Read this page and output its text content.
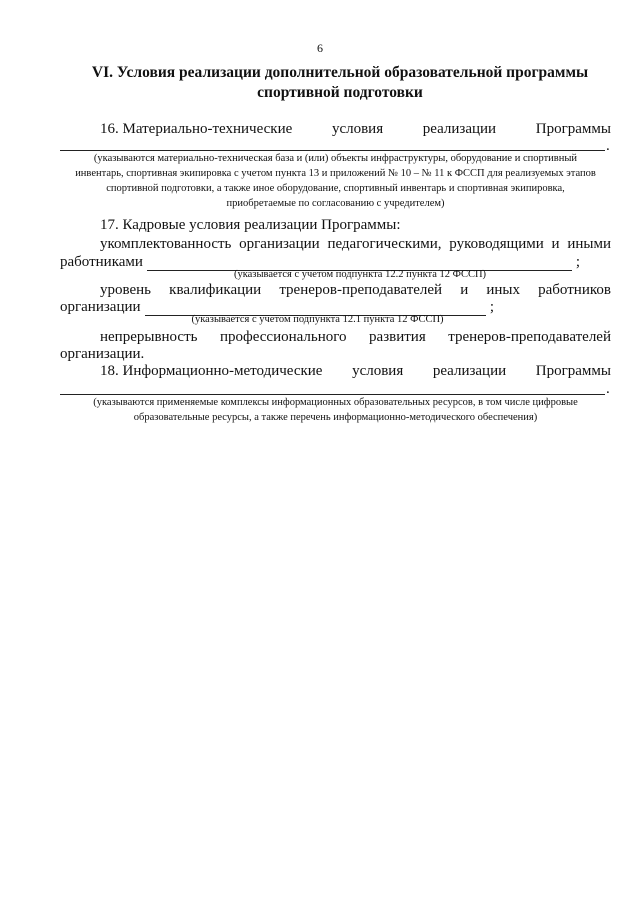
6
VI. Условия реализации дополнительной образовательной программы
спортивной подготовки
16. Материально-технические	условия	реализации	Программы
.
(указываются материально-техническая база и (или) объекты инфраструктуры, оборудование и спортивный
инвентарь, спортивная экипировка с учетом пункта 13 и приложений № 10 – № 11 к ФССП для реализуемых этапов
спортивной подготовки, а также иное оборудование, спортивный инвентарь и спортивная экипировка,
приобретаемые по согласованию с учредителем)
17. Кадровые условия реализации Программы:
укомплектованность организации педагогическими, руководящими и иными
работниками	;
(указывается с учетом подпункта 12.2 пункта 12 ФССП)
уровень квалификации тренеров-преподавателей и иных работников
организации	;
(указывается с учетом подпункта 12.1 пункта 12 ФССП)
непрерывность профессионального развития тренеров-преподавателей
организации.
18. Информационно-методические условия реализации Программы
.
(указываются применяемые комплексы информационных образовательных ресурсов, в том числе цифровые
образовательные ресурсы, а также перечень информационно-методического обеспечения)
